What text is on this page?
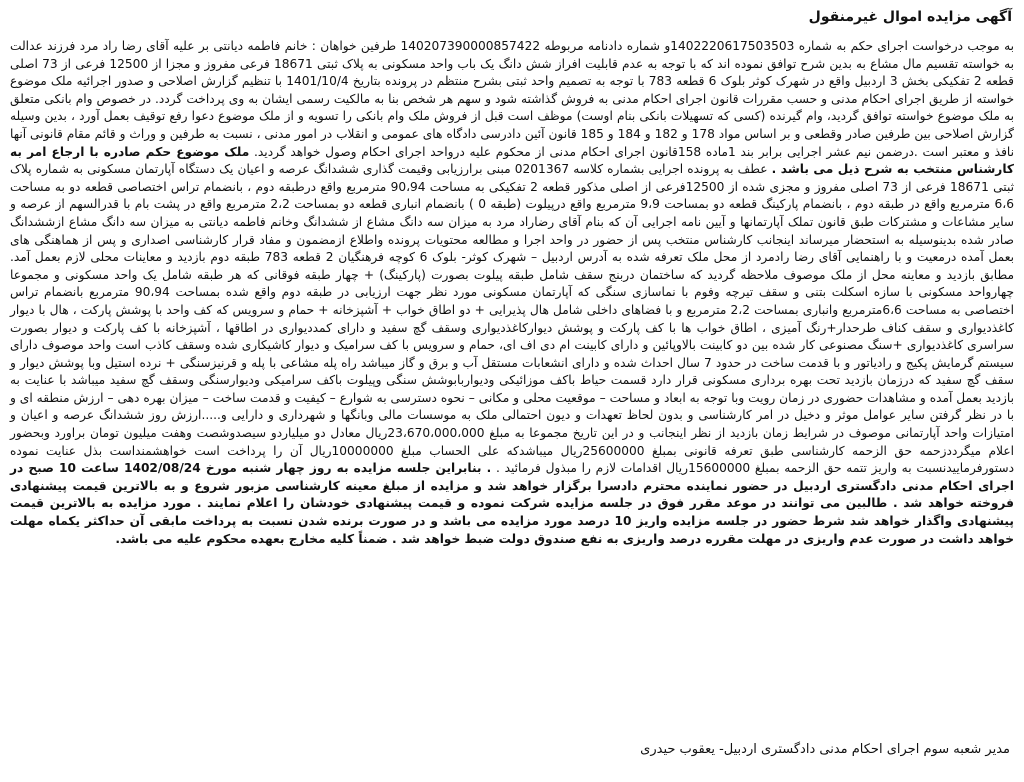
آگهی مزایده اموال غیرمنقول

به موجب درخواست اجرای حکم به شماره 140222061750350‌3و شماره دادنامه مربوطه 140207390000857422 طرفین خواهان : خانم فاطمه دیانتی بر علیه آقای رضا راد مرد فرزند عدالت به خواسته تقسیم مال مشاع به بدین شرح توافق نموده اند که با توجه به عدم قابلیت افراز شش دانگ یک باب واحد مسکونی به پلاک ثبتی 18671 فرعی مفروز و مجزا از 12500 فرعی از 73 اصلی قطعه 2 تفکیکی بخش 3 اردبیل واقع در شهرک کوثر بلوک 6 قطعه 783 با توجه به تصمیم واحد ثبتی بشرح منتظم در پرونده بتاریخ 1401/10/4 با تنظیم گزارش اصلاحی و صدور اجرائیه ملک موضوع خواسته از طریق اجرای احکام مدنی و حسب مقررات قانون اجرای احکام مدنی به فروش گذاشته شود و سهم هر شخص بنا به مالکیت رسمی ایشان به وی پرداخت گردد. در خصوص وام بانکی متعلق به ملک موضوع خواسته توافق گردید، وام گیرنده (کسی که تسهیلات بانکی بنام اوست) موظف است قبل از فروش ملک وام بانکی را تسویه و از ملک موضوع دعوا رفع توقیف بعمل آورد ، بدین وسیله گزارش اصلاحی بین طرفین صادر وقطعی و بر اساس مواد 178 و 182 و 184 و 185 قانون آئین دادرسی دادگاه های عمومی و انقلاب در امور مدنی ، نسبت به طرفین و وراث و قائم مقام قانونی آنها نافذ و معتبر است .درضمن نیم عشر اجرایی برابر بند 1ماده 158قانون اجرای احکام مدنی از محکوم علیه درواحد اجرای احکام وصول خواهد گردید. ملک موضوع حکم صادره با ارجاع امر به کارشناس منتخب به شرح ذیل می باشد . عطف به پرونده اجرایی بشماره کلاسه 0201367 مبنی برارزیابی وقیمت گذاری ششدانگ عرصه و اعیان یک دستگاه آپارتمان مسکونی به شماره پلاک ثبتی 18671 فرعی از 73 اصلی مفروز و مجزی شده از 12500فرعی از اصلی مذکور قطعه 2 تفکیکی به مساحت 90،94 مترمربع واقع درطبقه دوم ، بانضمام تراس اختصاصی قطعه دو به مساحت 6،6 مترمربع واقع در طبقه دوم ، بانضمام پارکینگ قطعه دو بمساحت 9،9 مترمربع واقع درپیلوت (طبقه 0 ) بانضمام انباری قطعه دو بمساحت 2،2 مترمربع واقع در پشت بام با قدرالسهم از عرصه و سایر مشاعات و مشترکات طبق قانون تملک آپارتمانها و آیین نامه اجرایی آن که بنام آقای رضاراد مرد به میزان سه دانگ مشاع از ششدانگ وخانم فاطمه دیانتی به میزان سه دانگ مشاع ازششدانگ صادر شده بدینوسیله به استحضار میرساند اینجانب کارشناس منتخب پس از حضور در واحد اجرا و مطالعه محتویات پرونده واطلاع ازمضمون و مفاد قرار کارشناسی اصداری و پس از هماهنگی های بعمل آمده درمعیت و با راهنمایی آقای رضا رادمرد از محل ملک تعرفه شده به آدرس اردبیل – شهرک کوثر- بلوک 6 کوچه فرهنگیان 2 قطعه 783 طبقه دوم بازدید و معاینات محلی لازم بعمل آمد. مطابق بازدید و معاینه محل از ملک موصوف ملاحظه گردید که ساختمان دربنج سقف شامل طبقه پیلوت بصورت (پارکینگ) + چهار طبقه فوقانی که هر طبقه شامل یک واحد مسکونی و مجموعا چهارواحد مسکونی با سازه اسکلت بتنی و سقف تیرچه وفوم با نماسازی سنگی که آپارتمان مسکونی مورد نظر جهت ارزیابی در طبقه دوم واقع شده بمساحت 90،94 مترمربع بانضمام تراس اختصاصی به مساحت 6،6مترمربع وانباری بمساحت 2،2 مترمربع و با فضاهای داخلی شامل هال پذیرایی + دو اطاق خواب + آشپزخانه + حمام و سرویس که کف واحد با پوشش پارکت ، هال با دیوار کاغذدیواری و سقف کناف طرحدار+رنگ آمیزی ، اطاق خواب ها با کف پارکت و پوشش دیوارکاغذدیواری وسقف گچ سفید و دارای کمددیواری در اطاقها ، آشپزخانه با کف پارکت و دیوار بصورت سراسری کاغذدیواری +سنگ مصنوعی کار شده بین دو کابینت بالاوپائین و دارای کابینت ام دی اف ای، حمام و سرویس با کف سرامیک و دیوار کاشیکاری شده وسقف کاذب است واحد موصوف دارای سیستم گرمایش پکیج و رادیاتور و با قدمت ساخت در حدود 7 سال احداث شده و دارای انشعابات مستقل آب و برق و گاز میباشد راه پله مشاعی با پله و قرنیزسنگی + نرده استیل وبا پوشش دیوار و سقف گچ سفید که درزمان بازدید تحت بهره برداری مسکونی قرار دارد قسمت حیاط باکف موزائیکی ودیواربابوشش سنگی وپیلوت باکف سرامیکی ودیوارسنگی وسقف گچ سفید میباشد با عنایت به بازدید بعمل آمده و مشاهدات حضوری در زمان رویت وبا توجه به ابعاد و مساحت – موقعیت محلی و مکانی – نحوه دسترسی به شوارع – کیفیت و قدمت ساخت – میزان بهره دهی – ارزش منطقه ای و با در نظر گرفتن سایر عوامل موثر و دخیل در امر کارشناسی و بدون لحاظ تعهدات و دیون احتمالی ملک به موسسات مالی وبانگها و شهرداری و دارایی و.....ارزش روز ششدانگ عرصه و اعیان و امتیازات واحد آپارتمانی موصوف در شرایط زمان بازدید از نظر اینجانب و در این تاریخ مجموعا به مبلغ 23،670،000،000ریال معادل دو میلیاردو سیصدوشصت وهفت میلیون تومان براورد وبحضور اعلام میگرددزحمه حق الزحمه کارشناسی طبق تعرفه قانونی بمبلغ 25600000ریال میباشدکه علی الحساب مبلغ 10000000ریال آن را پرداخت است خواهشمنداست بذل عنایت نموده دستورفرماییدنسبت به واریز تتمه حق الزحمه بمبلغ 15600000ریال اقدامات لازم را مبذول فرمائید . . بنابراین جلسه مزایده به روز چهار شنبه مورخ 1402/08/24 ساعت 10 صبح در اجرای احکام مدنی دادگستری اردبیل در حضور نماینده محترم دادسرا برگزار خواهد شد و مزایده از مبلغ معینه کارشناسی مزبور شروع و به بالاترین قیمت پیشنهادی فروخته خواهد شد . طالبین می توانند در موعد مقرر فوق در جلسه مزایده شرکت نموده و قیمت پیشنهادی خودشان را اعلام نمایند . مورد مزایده به بالاترین قیمت پیشنهادی واگذار خواهد شد شرط حضور در جلسه مزایده واریز 10 درصد مورد مزایده می باشد و در صورت برنده شدن نسبت به پرداخت مابقی آن حداکثر یکماه مهلت خواهد داشت در صورت عدم واریزی در مهلت مقرره درصد واریزی به نفع صندوق دولت ضبط خواهد شد . ضمناً کلیه مخارج بعهده محکوم علیه می باشد.

مدیر شعبه سوم اجرای احکام مدنی دادگستری اردبیل- یعقوب حیدری
